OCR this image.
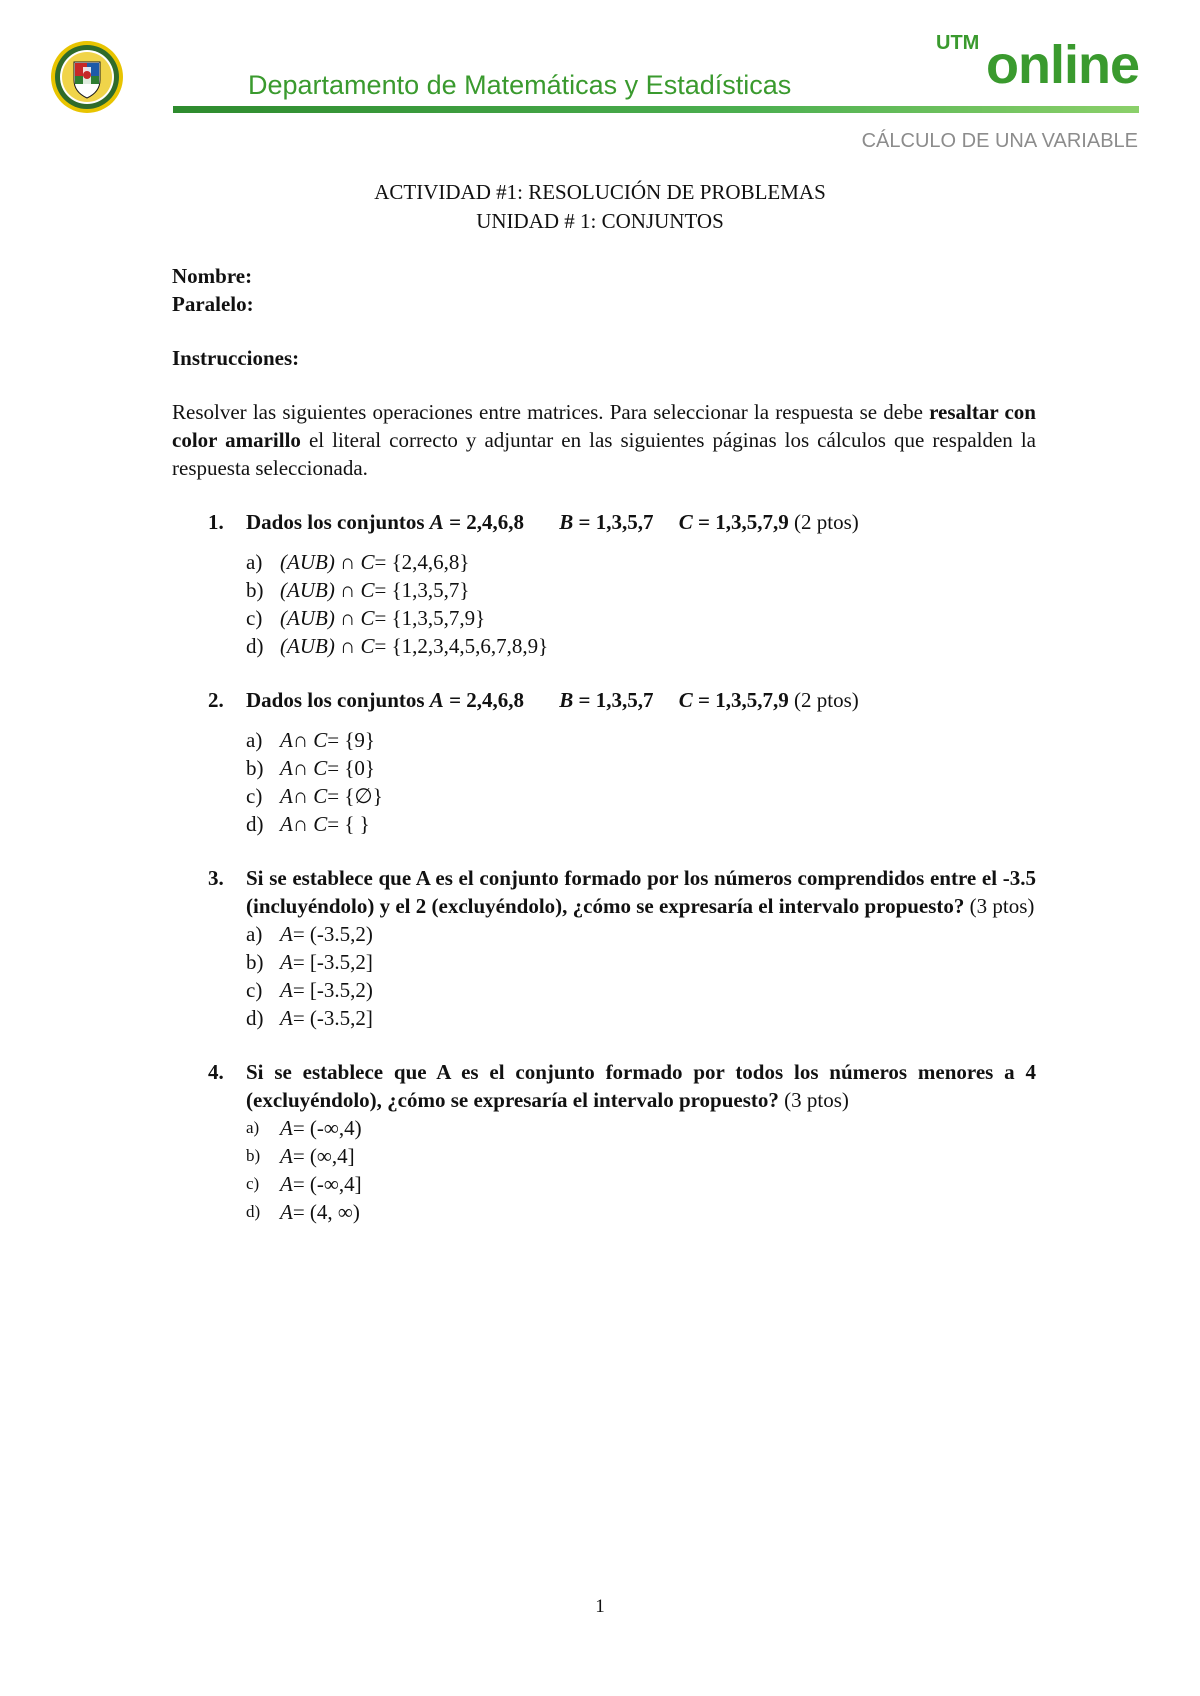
Departamento de Matemáticas y Estadísticas
UTM online
CÁLCULO DE UNA VARIABLE
ACTIVIDAD #1: RESOLUCIÓN DE PROBLEMAS
UNIDAD # 1: CONJUNTOS
Nombre:
Paralelo:
Instrucciones:
Resolver las siguientes operaciones entre matrices. Para seleccionar la respuesta se debe resaltar con color amarillo el literal correcto y adjuntar en las siguientes páginas los cálculos que respalden la respuesta seleccionada.
1. Dados los conjuntos A = 2,4,6,8 B = 1,3,5,7 C = 1,3,5,7,9 (2 ptos)
a) (AUB) ∩ C= {2,4,6,8}
b) (AUB) ∩ C= {1,3,5,7}
c) (AUB) ∩ C= {1,3,5,7,9}
d) (AUB) ∩ C= {1,2,3,4,5,6,7,8,9}
2. Dados los conjuntos A = 2,4,6,8 B = 1,3,5,7 C = 1,3,5,7,9 (2 ptos)
a) A∩ C= {9}
b) A∩ C= {0}
c) A∩ C= {∅}
d) A∩ C= { }
3. Si se establece que A es el conjunto formado por los números comprendidos entre el -3.5 (incluyéndolo) y el 2 (excluyéndolo), ¿cómo se expresaría el intervalo propuesto? (3 ptos)
a) A= (-3.5,2)
b) A= [-3.5,2]
c) A= [-3.5,2)
d) A= (-3.5,2]
4. Si se establece que A es el conjunto formado por todos los números menores a 4 (excluyéndolo), ¿cómo se expresaría el intervalo propuesto? (3 ptos)
a) A= (-∞,4)
b) A= (∞,4]
c) A= (-∞,4]
d) A= (4, ∞)
1
